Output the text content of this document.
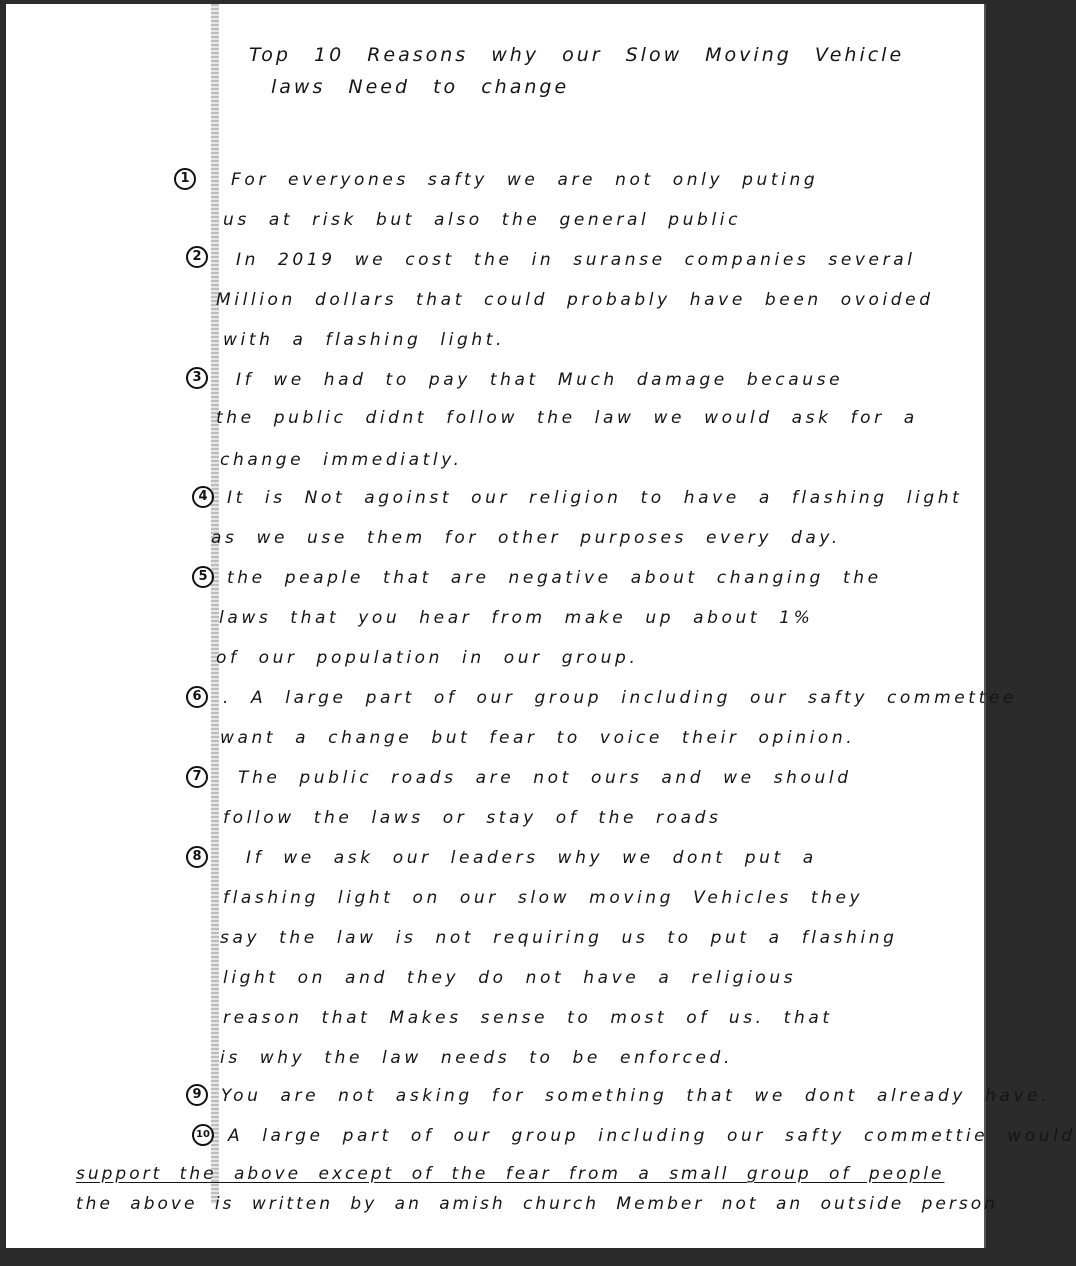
Top 10 Reasons why our Slow Moving Vehicle
laws Need to change
1	For everyones safty we are not only puting
us at risk but also the general public
2	In 2019 we cost the in suranse companies several
Million dollars that could probably have been ovoided
with a flashing light.
3	If we had to pay that Much damage because
the public didnt follow the law we would ask for a
change immediatly.
4	It is Not agoinst our religion to have a flashing light
as we use them for other purposes every day.
5	the peaple that are negative about changing the
laws that you hear from make up about 1%
of our population in our group.
6	. A large part of our group including our safty commettee
want a change but fear to voice their opinion.
7	The public roads are not ours and we should
follow the laws or stay of the roads
8	If we ask our leaders why we dont put a
flashing light on our slow moving Vehicles they
say the law is not requiring us to put a flashing
light on and they do not have a religious
reason that Makes sense to most of us. that
is why the law needs to be enforced.
9	You are not asking for something that we dont already have.
10 A large part of our group including our safty commettie would
support the above except of the fear from a small group of people
the above is written by an amish church Member not an outside person
